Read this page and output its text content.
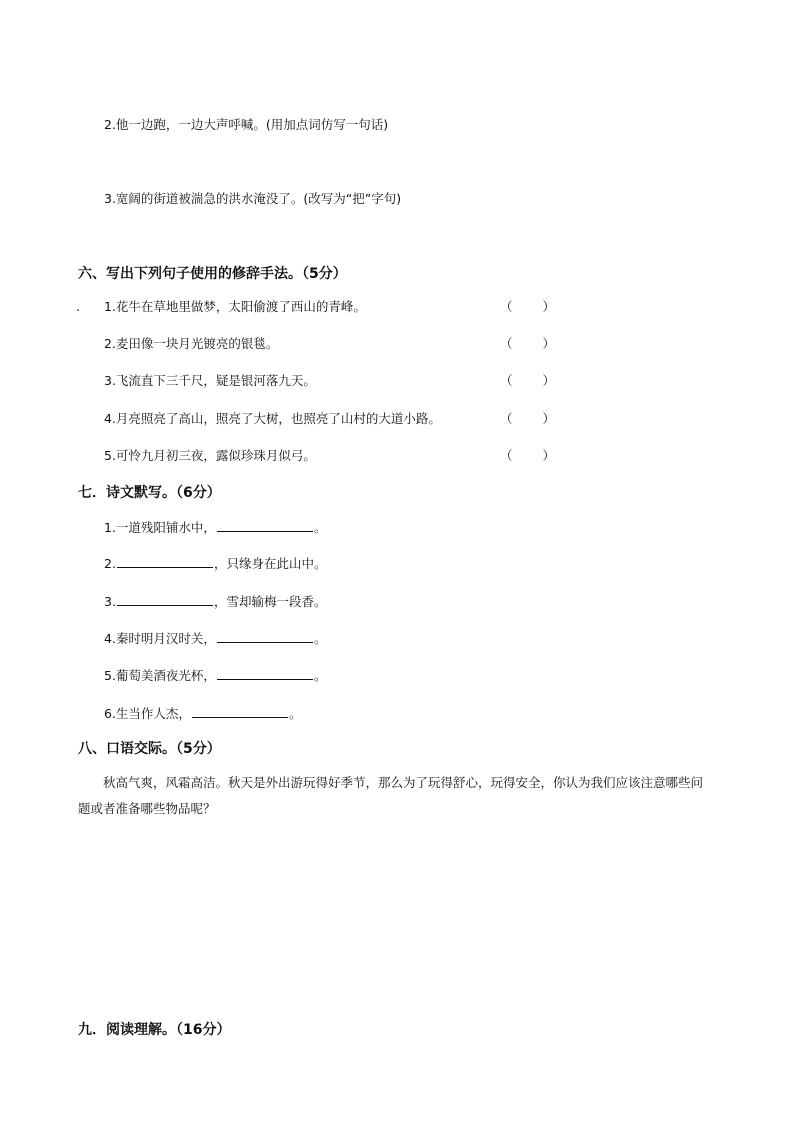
2.他一边跑，一边大声呼喊。(用加点词仿写一句话)
3.宽阔的街道被湍急的洪水淹没了。(改写为“把”字句)
六、写出下列句子使用的修辞手法。（5分）
. 1.花牛在草地里做梦，太阳偷渡了西山的青峰。	（ ）
2.麦田像一块月光镀亮的银毯。	（ ）
3.飞流直下三千尺，疑是银河落九天。	（ ）
4.月亮照亮了高山，照亮了大树，也照亮了山村的大道小路。	（ ）
5.可怜九月初三夜，露似珍珠月似弓。	（ ）
七．诗文默写。（6分）
1.一道残阳铺水中，	。
2.	，只缘身在此山中。
3.	，雪却输梅一段香。
4.秦时明月汉时关，	。
5.葡萄美酒夜光杯，	。
6.生当作人杰，	。
八、口语交际。（5分）
秋高气爽，风霜高洁。秋天是外出游玩得好季节，那么为了玩得舒心，玩得安全，你认为我们应该注意哪些问题或者准备哪些物品呢？
九．阅读理解。（16分）
